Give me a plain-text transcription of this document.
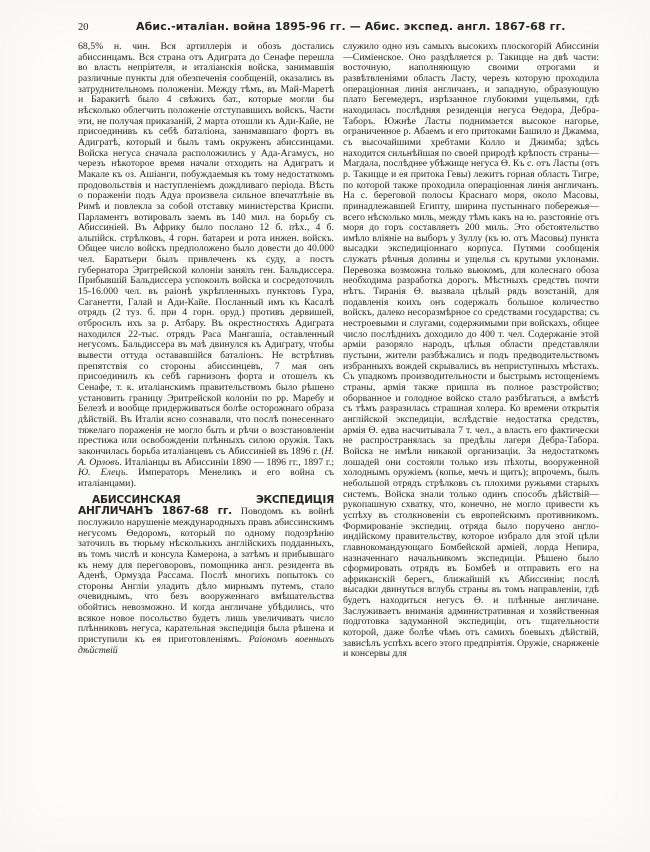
20	Абис.-италіан. война 1895-96 гг. — Абис. экспед. англ. 1867-68 гг.

68,5% н. чин. Вся артиллерія и обозъ достались абиссинцамъ. Вся страна отъ Адиграта до Сенафе перешла во власть непріятеля, и италіанскія войска, занимавшія различные пункты для обезпеченія сообщеній, оказались въ затруднительномъ положеніи. Между тѣмъ, въ Май-Маретѣ и Баракитѣ было 4 свѣжихъ бат., которые могли бы нѣсколько облегчить положеніе отступавшихъ войскъ. Части эти, не получая приказаній, 2 марта отошли къ Ади-Кайе, не присоединивъ къ себѣ баталіона, занимавшаго фортъ въ Адигратѣ, который и былъ тамъ окруженъ абиссинцами. Войска негуса сначала расположились у Ада-Агамусъ, но черезъ нѣкоторое время начали отходить на Адигратъ и Макале къ оз. Ашіанги, побуждаемыя къ тому недостаткомъ продовольствія и наступленіемъ дождливаго періода. Вѣсть о пораженіи подъ Адуа произвела сильное впечатлѣніе въ Римѣ и повлекла за собой отставку министерства Криспи. Парламентъ вотировалъ заемъ въ 140 мил. на борьбу съ Абиссиніей. Въ Африку было послано 12 б. пѣх., 4 б. альпійск. стрѣлковъ, 4 горн. батареи и рота инжен. войскъ. Общее число войскъ предположено было довести до 40.000 чел. Баратьери былъ привлеченъ къ суду, а постъ губернатора Эритрейской колоніи занялъ ген. Бальдиссера. Прибывшій Бальдиссера успокоилъ войска и сосредоточилъ 15-16.000 чел. въ раіонѣ укрѣпленныхъ пунктовъ Гура, Саганетти, Галай и Ади-Кайе. Посланный имъ къ Касалѣ отрядъ (2 туз. б. при 4 горн. оруд.) противъ дервишей, отбросилъ ихъ за р. Атбару. Въ окрестностяхъ Адиграта находился 22-тыс. отрядъ Раса Мангашіа, оставленный негусомъ. Бальдиссера въ маѣ двинулся къ Адиграту, чтобы вывести оттуда остававшійся баталіонъ. Не встрѣтивъ препятствія со стороны абиссинцевъ, 7 мая онъ присоединилъ къ себѣ гарнизонъ форта и отошелъ къ Сенафе, т. к. италіанскимъ правительствомъ было рѣшено установить границу Эритрейской колоніи по рр. Маребу и Белезѣ и вообще придерживаться болѣе осторожнаго образа дѣйствій. Въ Италіи ясно сознавали, что послѣ понесеннаго тяжелаго пораженія не могло быть и рѣчи о возстановленіи престижа или освобожденіи плѣнныхъ силою оружія. Такъ закончилась борьба италіанцевъ съ Абиссиніей въ 1896 г. (Н. А. Орловъ. Италіанцы въ Абиссиніи 1890 — 1896 гг., 1897 г.; Ю. Елецъ. Императоръ Менеликъ и его война съ италіанцами).

АБИССИНСКАЯ ЭКСПЕДИЦІЯ АНГЛИЧАНЪ 1867-68 гг. Поводомъ къ войнѣ послужило нарушеніе международныхъ правъ абиссинскимъ негусомъ Ѳедоромъ, который по одному подозрѣнію заточилъ въ тюрьму нѣсколькихъ англійскихъ подданныхъ, въ томъ числѣ и консула Камерона, а затѣмъ и прибывшаго къ нему для переговоровъ, помощника англ. резидента въ Аденѣ, Ормузда Рассама. Послѣ многихъ попытокъ со стороны Англіи уладить дѣло мирнымъ путемъ, стало очевиднымъ, что безъ вооруженнаго вмѣшательства обойтись невозможно. И когда англичане убѣдились, что всякое новое посольство будетъ лишь увеличивать число плѣнниковъ негуса, карательная экспедиція была рѣшена и приступили къ ея приготовленіямъ. Раіономъ военныхъ дѣйствій

служило одно изъ самыхъ высокихъ плоскогорій Абиссиніи—Симіенское. Оно раздѣляется р. Такицце на двѣ части: восточную, наполняющую своими отрогами и развѣтвленіями область Ласту, черезъ которую проходила операціонная линія англичанъ, и западную, образующую плато Бегемедеръ, изрѣзанное глубокими ущельями, гдѣ находилась послѣдняя резиденція негуса Ѳедора, Дебра-Таборъ. Южнѣе Ласты поднимается высокое нагорье, ограниченное р. Абаемъ и его притоками Башило и Джамма, съ высочайшими хребтами Колло и Джимба; здѣсь находится сильнѣйшая по своей природѣ крѣпость страны—Магдала, послѣднее убѣжище негуса Ѳ. Къ с. отъ Ласты (отъ р. Такицце и ея притока Гевы) лежитъ горная область Тигре, по которой также проходила операціонная линія англичанъ. На с. береговой полосы Краснаго моря, около Масовы, принадлежавшей Египту, ширина пустыннаго побережья—всего нѣсколько миль, между тѣмъ какъ на ю. разстояніе отъ моря до горъ составляетъ 200 миль. Это обстоятельство имѣло вліяніе на выборъ у Зуллу (къ ю. отъ Масовы) пункта высадки экспедиціоннаго корпуса. Путями сообщенія служатъ рѣчныя долины и ущелья съ крутыми уклонами. Перевозка возможна только вьюкомъ, для колеснаго обоза необходима разработка дорогъ. Мѣстныхъ средствъ почти нѣтъ. Тиранія Ѳ. вызвала цѣлый рядъ возстаній, для подавленія коихъ онъ содержалъ большое количество войскъ, далеко несоразмѣрное со средствами государства; съ нестроевыми и слугами, содержимыми при войскахъ, общее число послѣднихъ доходило до 400 т. чел. Содержаніе этой арміи разоряло народъ, цѣлыя области представляли пустыни, жители разбѣжались и подъ предводительствомъ избранныхъ вождей скрывались въ неприступныхъ мѣстахъ. Съ упадкомъ производительности и быстрымъ истощеніемъ страны, армія также пришла въ полное разстройство; оборванное и голодное войско стало разбѣгаться, а вмѣстѣ съ тѣмъ разразилась страшная холера. Ко времени открытія англійской экспедиціи, вслѣдствіе недостатка средствъ, армія Ѳ. едва насчитывала 7 т. чел., а власть его фактически не распространялась за предѣлы лагеря Дебра-Табора. Войска не имѣли никакой организаціи. За недостаткомъ лошадей они состояли только изъ пѣхоты, вооруженной холоднымъ оружіемъ (копье, мечъ и щитъ); впрочемъ, былъ небольшой отрядъ стрѣлковъ съ плохими ружьями старыхъ системъ. Войска знали только одинъ способъ дѣйствій—рукопашную схватку, что, конечно, не могло привести къ успѣху въ столкновеніи съ европейскимъ противникомъ. Формированіе экспедиц. отряда было поручено англо-индійскому правительству, которое избрало для этой цѣли главнокомандующаго Бомбейской арміей, лорда Непира, назначеннаго начальникомъ экспедиціи. Рѣшено было сформировать отрядъ въ Бомбеѣ и отправить его на африканскій берегъ, ближайшій къ Абиссиніи; послѣ высадки двинуться вглубь страны въ томъ направленіи, гдѣ будетъ находиться негусъ Ѳ. и плѣнные англичане. Заслуживаетъ вниманія административная и хозяйственная подготовка задуманной экспедиціи, отъ тщательности которой, даже болѣе чѣмъ отъ самихъ боевыхъ дѣйствій, зависѣлъ успѣхъ всего этого предпріятія. Оружіе, снаряженіе и консервы для
